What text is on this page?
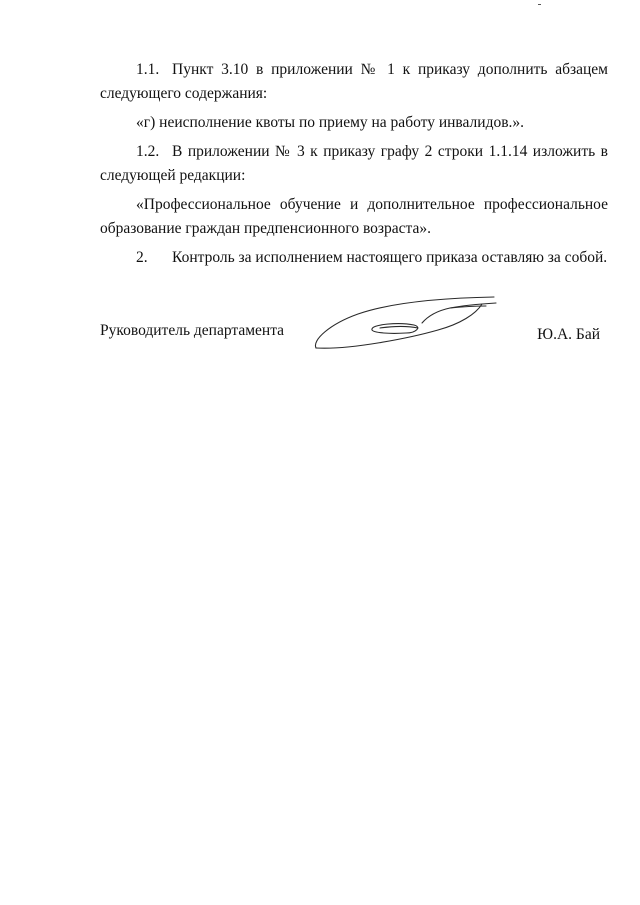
1.1. Пункт 3.10 в приложении № 1 к приказу дополнить абзацем
следующего содержания:
«г) неисполнение квоты по приему на работу инвалидов.».
1.2. В приложении № 3 к приказу графу 2 строки 1.1.14 изложить в
следующей редакции:
«Профессиональное обучение и дополнительное профессиональное
образование граждан предпенсионного возраста».
2. Контроль за исполнением настоящего приказа оставляю за собой.
Руководитель департамента	Ю.А. Бай
